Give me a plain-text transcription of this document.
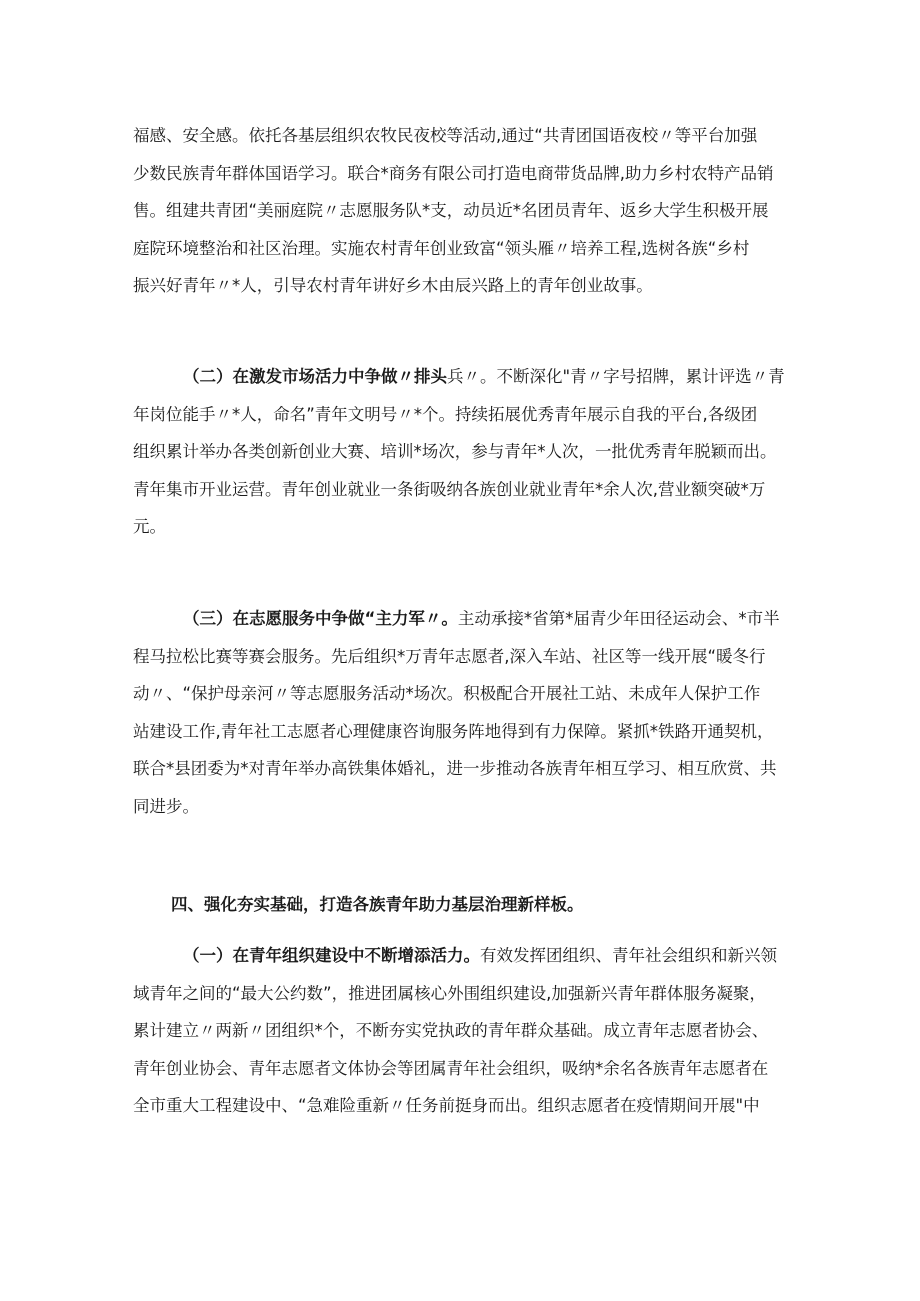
福感、安全感。依托各基层组织农牧民夜校等活动,通过“共青团国语夜校〃等平台加强
少数民族青年群体国语学习。联合*商务有限公司打造电商带货品牌,助力乡村农特产品销
售。组建共青团“美丽庭院〃志愿服务队*支，动员近*名团员青年、返乡大学生积极开展
庭院环境整治和社区治理。实施农村青年创业致富“领头雁〃培养工程,选树各族“乡村
振兴好青年〃*人，引导农村青年讲好乡木由辰兴路上的青年创业故事。
（二）在激发市场活力中争做〃排头兵〃。不断深化"青〃字号招牌，累计评选〃青
年岗位能手〃*人，命名”青年文明号〃*个。持续拓展优秀青年展示自我的平台,各级团
组织累计举办各类创新创业大赛、培训*场次，参与青年*人次，一批优秀青年脱颖而出。
青年集市开业运营。青年创业就业一条街吸纳各族创业就业青年*余人次,营业额突破*万
元。
（三）在志愿服务中争做“主力军〃。主动承接*省第*届青少年田径运动会、*市半
程马拉松比赛等赛会服务。先后组织*万青年志愿者,深入车站、社区等一线开展“暖冬行
动〃、“保护母亲河〃等志愿服务活动*场次。积极配合开展社工站、未成年人保护工作
站建设工作,青年社工志愿者心理健康咨询服务阵地得到有力保障。紧抓*铁路开通契机，
联合*县团委为*对青年举办高铁集体婚礼，进一步推动各族青年相互学习、相互欣赏、共
同进步。
四、强化夯实基础，打造各族青年助力基层治理新样板。
（一）在青年组织建设中不断增添活力。有效发挥团组织、青年社会组织和新兴领
域青年之间的“最大公约数”，推进团属核心外围组织建设,加强新兴青年群体服务凝聚，
累计建立〃两新〃团组织*个，不断夯实党执政的青年群众基础。成立青年志愿者协会、
青年创业协会、青年志愿者文体协会等团属青年社会组织，吸纳*余名各族青年志愿者在
全市重大工程建设中、“急难险重新〃任务前挺身而出。组织志愿者在疫情期间开展"中
